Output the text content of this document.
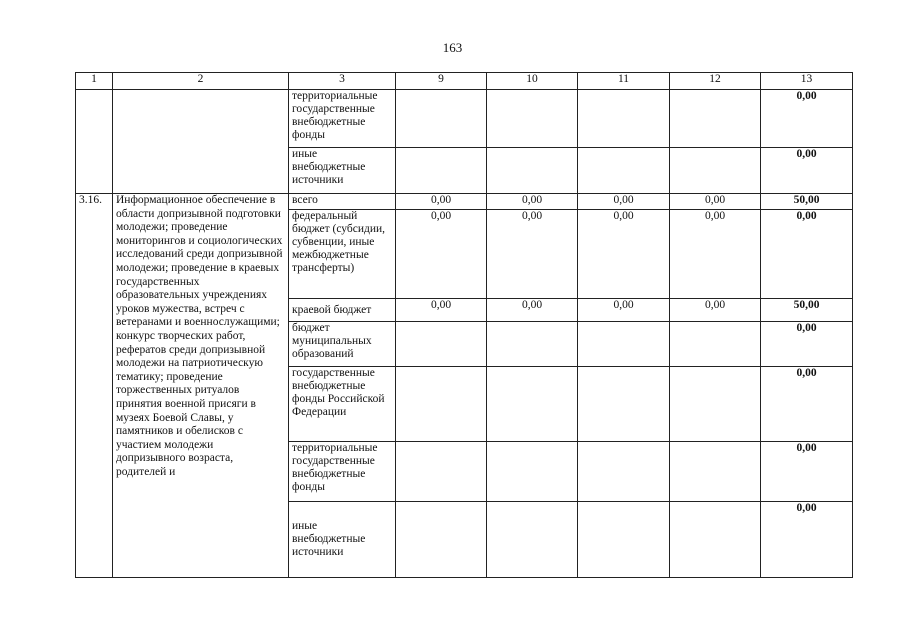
163
1	2	3	9	10	11	12	13
		территориальные государственные внебюджетные фонды					0,00
		иные внебюджетные источники					0,00
3.16.	Информационное обеспечение в области допризывной подготовки молодежи; проведение мониторингов и социологических исследований среди допризывной молодежи; проведение в краевых государственных образовательных учреждениях уроков мужества, встреч с ветеранами и военнослужащими; конкурс творческих работ, рефератов среди допризывной молодежи на патриотическую тематику; проведение торжественных ритуалов принятия военной присяги в музеях Боевой Славы, у памятников и обелисков с участием молодежи допризывного возраста, родителей и	всего	0,00	0,00	0,00	0,00	50,00
		федеральный бюджет (субсидии, субвенции, иные межбюджетные трансферты)	0,00	0,00	0,00	0,00	0,00
		краевой бюджет	0,00	0,00	0,00	0,00	50,00
		бюджет муниципальных образований					0,00
		государственные внебюджетные фонды Российской Федерации					0,00
		территориальные государственные внебюджетные фонды					0,00
		иные внебюджетные источники					0,00
